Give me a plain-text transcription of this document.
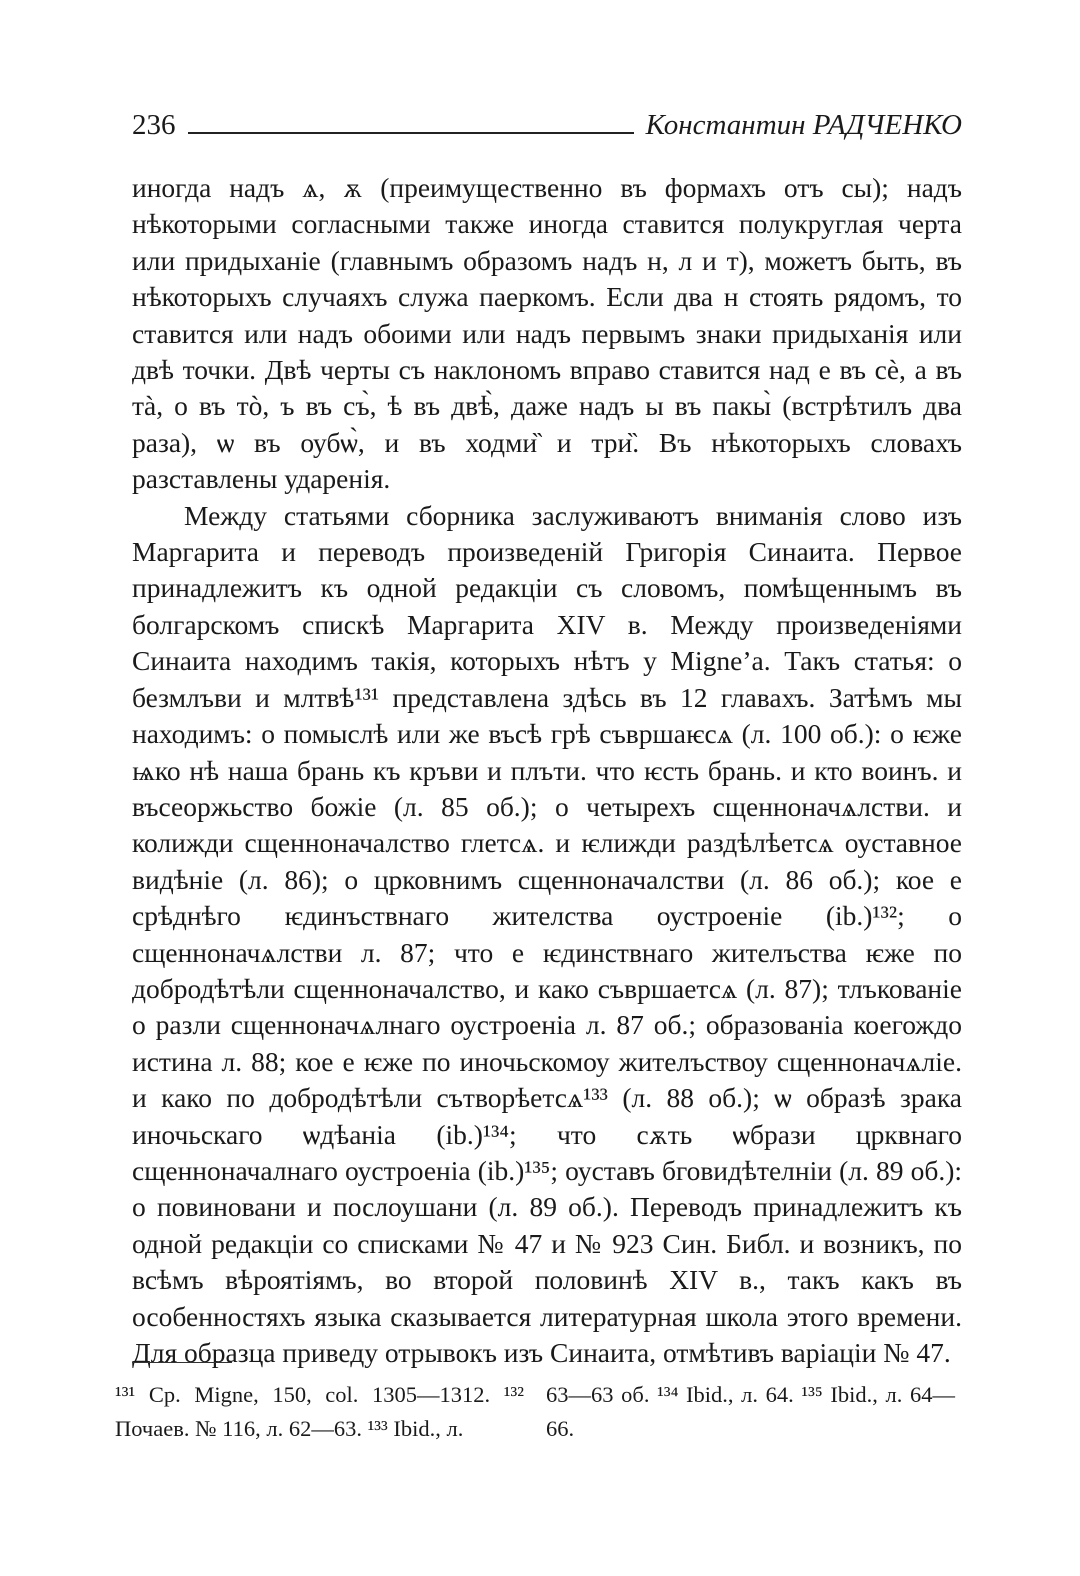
236	Константин РАДЧЕНКО

иногда надъ ѧ, ѫ (преимущественно въ формахъ отъ сы); надъ нѣкоторыми согласными также иногда ставится полукруглая черта или придыханіе (главнымъ образомъ надъ н, л и т), можетъ быть, въ нѣкоторыхъ случаяхъ служа паеркомъ. Если два н стоять рядомъ, то ставится или надъ обоими или надъ первымъ знаки придыханія или двѣ точки. Двѣ черты съ наклономъ вправо ставится над е въ сѐ, а въ тà, о въ тò, ъ въ съ̀, ѣ въ двѣ̀, даже надъ ы въ пакы̀ (встрѣтилъ два раза), ѡ въ оубѡ̀, и въ ходми̏ и три̏. Въ нѣкоторыхъ словахъ разставлены ударенія.

Между статьями сборника заслуживаютъ вниманія слово изъ Маргарита и переводъ произведеній Григорія Синаита. Первое принадлежитъ къ одной редакціи съ словомъ, помѣщеннымъ въ болгарскомъ спискѣ Маргарита XIV в. Между произведеніями Синаита находимъ такія, которыхъ нѣтъ у Migne’а. Такъ статья: о безмлъви и млтвѣ¹³¹ представлена здѣсь въ 12 главахъ. Затѣмъ мы находимъ: о помыслѣ или же въсѣ грѣ съвршаѥсѧ (л. 100 об.): о ѥже ѩко нѣ наша брань къ кръви и плъти. что ѥсть брань. и кто воинъ. и въсеоржьство божіе (л. 85 об.); о четырехъ сщенноначѧлстви. и колижди сщенноначалство глетсѧ. и ѥлижди раздѣлѣетсѧ оуставное видѣніе (л. 86); о црковнимъ сщенноначалстви (л. 86 об.); кое е срѣднѣго ѥдинъствнаго жителства оустроеніе (ib.)¹³²; о сщенноначѧлстви л. 87; что е ѥдинствнаго жителъства ѥже по добродѣтѣли сщенноначалство, и како съвршаетсѧ (л. 87); тлъкованіе о разли сщенноначѧлнаго оустроеніа л. 87 об.; образованіа коегождо истина л. 88; кое е ѥже по иночьскомоу жителъствоу сщенноначѧліе. и како по добродѣтѣли сътворѣетсѧ¹³³ (л. 88 об.); ѡ образѣ зрака иночьскаго ѡдѣаніа (ib.)¹³⁴; что сѫть ѡбрази црквнаго сщенноначалнаго оустроеніа (ib.)¹³⁵; оуставъ бговидѣтелніи (л. 89 об.): о повиновани и послоушани (л. 89 об.). Переводъ принадлежитъ къ одной редакціи со списками № 47 и № 923 Син. Библ. и возникъ, по всѣмъ вѣроятіямъ, во второй половинѣ XIV в., такъ какъ въ особенностяхъ языка сказывается литературная школа этого времени. Для образца приведу отрывокъ изъ Синаита, отмѣтивъ варіаціи № 47.

¹³¹ Ср. Migne, 150, col. 1305—1312. ¹³² Почаев. № 116, л. 62—63. ¹³³ Ibid., л.
63—63 об. ¹³⁴ Ibid., л. 64. ¹³⁵ Ibid., л. 64—66.
